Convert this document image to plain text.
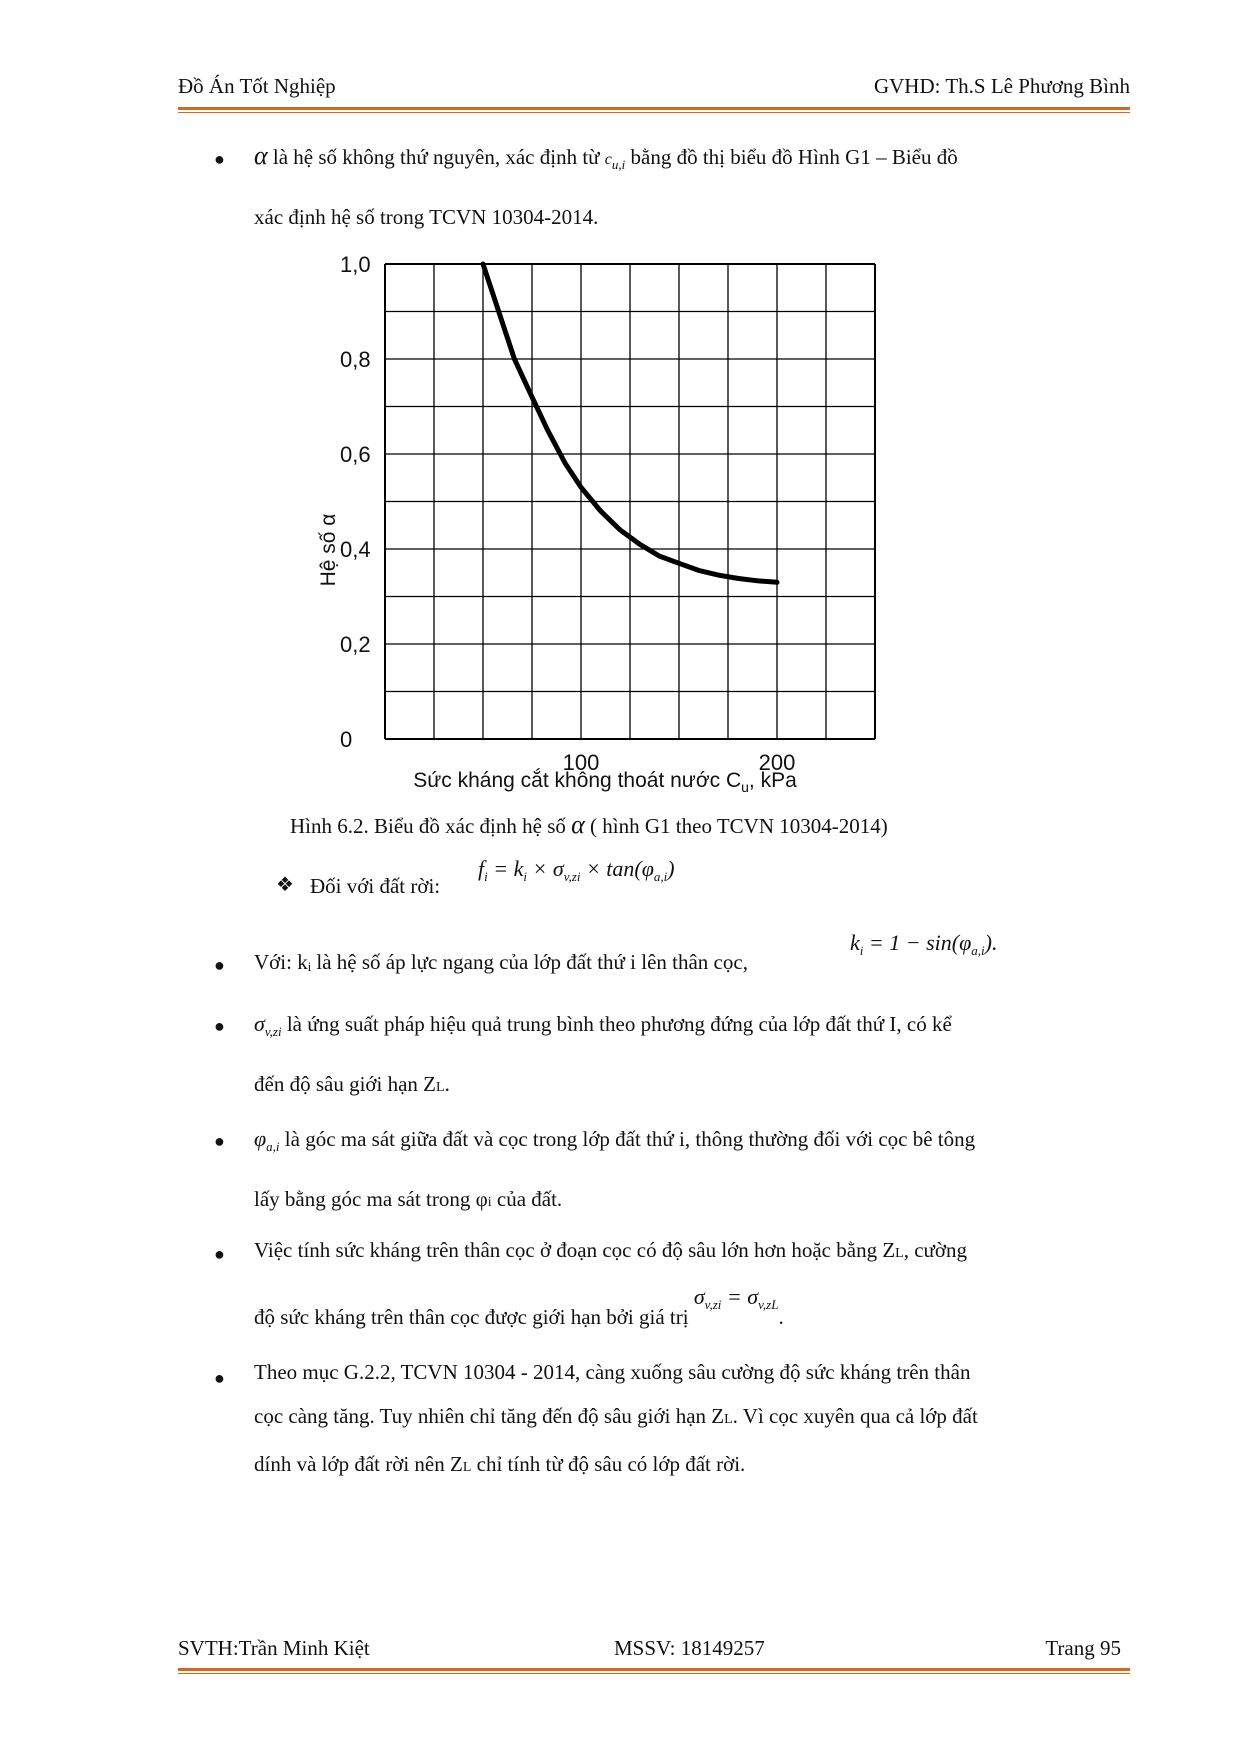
Đồ Án Tốt Nghiệp	GVHD: Th.S Lê Phương Bình
● α là hệ số không thứ nguyên, xác định từ $c_{u,i}$ bằng đồ thị biểu đồ Hình G1 – Biểu đồ
xác định hệ số trong TCVN 10304-2014.
0
0,2
0,4
0,6
0,8
1,0
100	200
Hệ số α
Sức kháng cắt không thoát nước $C_u$, kPa
Hình 6.2. Biểu đồ xác định hệ số α ( hình G1 theo TCVN 10304-2014)
❖ Đối với đất rời:
$f_i = k_i \times \sigma_{v,zi} \times \tan(\varphi_{a,i})$
● Với: kᵢ là hệ số áp lực ngang của lớp đất thứ i lên thân cọc,
$k_i = 1 - \sin(\varphi_{a,i})$.
● $\sigma_{v,zi}$ là ứng suất pháp hiệu quả trung bình theo phương đứng của lớp đất thứ I, có kể
đến độ sâu giới hạn ZL.
● $\varphi_{a,i}$ là góc ma sát giữa đất và cọc trong lớp đất thứ i, thông thường đối với cọc bê tông
lấy bằng góc ma sát trong φi của đất.
● Việc tính sức kháng trên thân cọc ở đoạn cọc có độ sâu lớn hơn hoặc bằng ZL, cường
độ sức kháng trên thân cọc được giới hạn bởi giá trị $\sigma_{v,zi} = \sigma_{v,zL}$.
● Theo mục G.2.2, TCVN 10304 - 2014, càng xuống sâu cường độ sức kháng trên thân
cọc càng tăng. Tuy nhiên chỉ tăng đến độ sâu giới hạn ZL. Vì cọc xuyên qua cả lớp đất
dính và lớp đất rời nên ZL chỉ tính từ độ sâu có lớp đất rời.
SVTH:Trần Minh Kiệt	MSSV: 18149257	Trang 95
